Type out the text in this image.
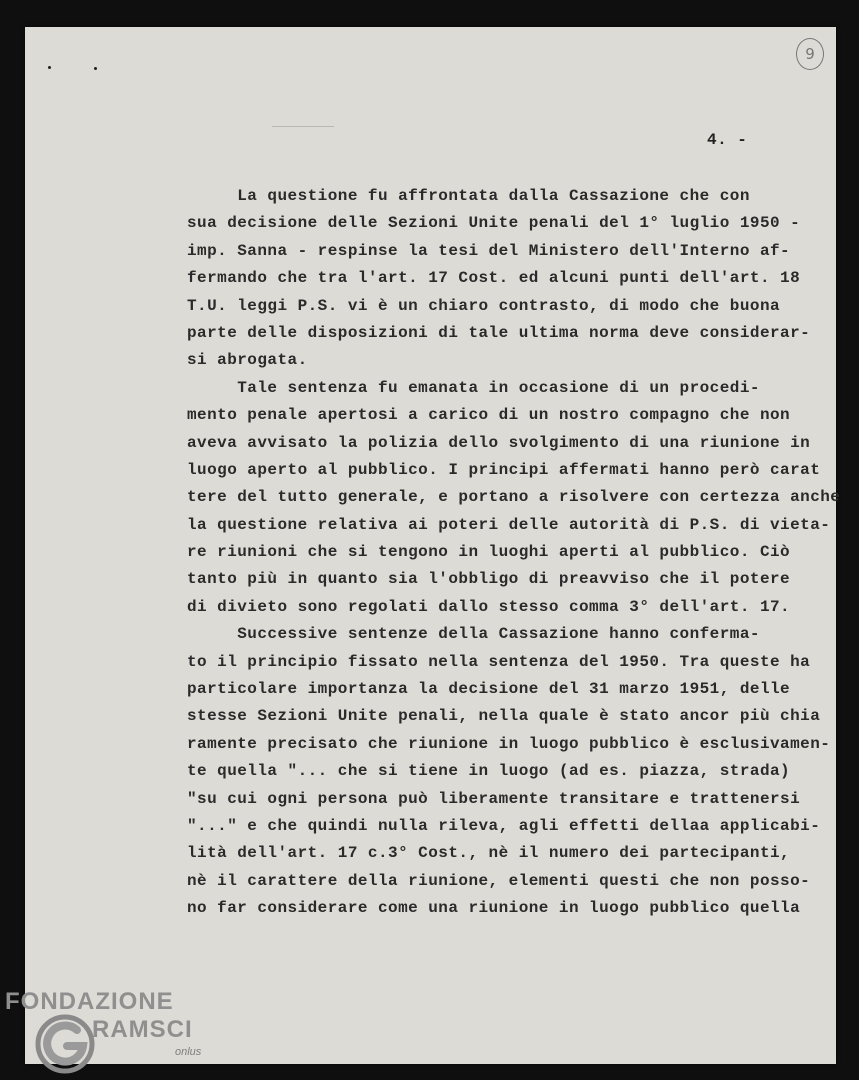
9
4. -
La questione fu affrontata dalla Cassazione che con
sua decisione delle Sezioni Unite penali del 1° luglio 1950 -
imp. Sanna - respinse la tesi del Ministero dell'Interno af-
fermando che tra l'art. 17 Cost. ed alcuni punti dell'art. 18
T.U. leggi P.S. vi è un chiaro contrasto, di modo che buona
parte delle disposizioni di tale ultima norma deve considerar-
si abrogata.
Tale sentenza fu emanata in occasione di un procedi-
mento penale apertosi a carico di un nostro compagno che non
aveva avvisato la polizia dello svolgimento di una riunione in
luogo aperto al pubblico. I principi affermati hanno però carat
tere del tutto generale, e portano a risolvere con certezza anche
la questione relativa ai poteri delle autorità di P.S. di vieta-
re riunioni che si tengono in luoghi aperti al pubblico. Ciò
tanto più in quanto sia l'obbligo di preavviso che il potere
di divieto sono regolati dallo stesso comma 3° dell'art. 17.
Successive sentenze della Cassazione hanno conferma-
to il principio fissato nella sentenza del 1950. Tra queste ha
particolare importanza la decisione del 31 marzo 1951, delle
stesse Sezioni Unite penali, nella quale è stato ancor più chia
ramente precisato che riunione in luogo pubblico è esclusivamen-
te quella "... che si tiene in luogo (ad es. piazza, strada)
"su cui ogni persona può liberamente transitare e trattenersi
"..." e che quindi nulla rileva, agli effetti dellaa applicabi-
lità dell'art. 17 c.3° Cost., nè il numero dei partecipanti,
nè il carattere della riunione, elementi questi che non posso-
no far considerare come una riunione in luogo pubblico quella
FONDAZIONE
RAMSCI
onlus
